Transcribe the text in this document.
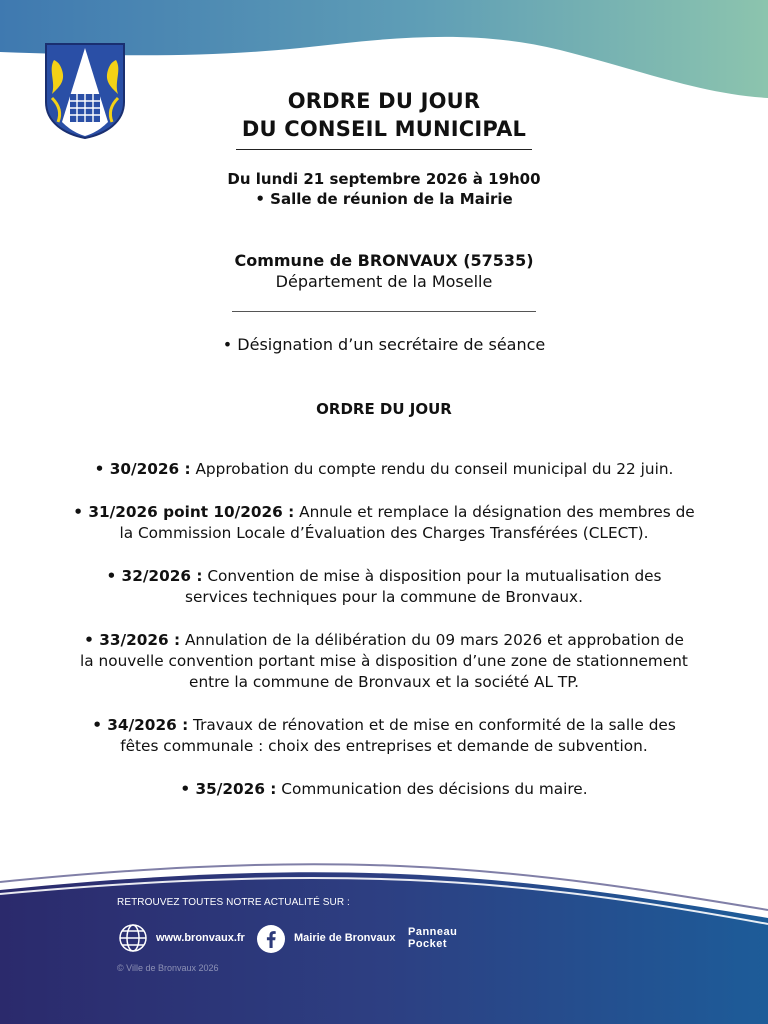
ORDRE DU JOUR
DU CONSEIL MUNICIPAL
Du lundi 21 septembre 2026 à 19h00
• Salle de réunion de la Mairie
Commune de BRONVAUX (57535)
Département de la Moselle
• Désignation d’un secrétaire de séance
ORDRE DU JOUR
• 30/2026 : Approbation du compte rendu du conseil municipal du 22 juin.
• 31/2026 point 10/2026 : Annule et remplace la désignation des membres de
la Commission Locale d’Évaluation des Charges Transférées (CLECT).
• 32/2026 : Convention de mise à disposition pour la mutualisation des
services techniques pour la commune de Bronvaux.
• 33/2026 : Annulation de la délibération du 09 mars 2026 et approbation de
la nouvelle convention portant mise à disposition d’une zone de stationnement
entre la commune de Bronvaux et la société AL TP.
• 34/2026 : Travaux de rénovation et de mise en conformité de la salle des
fêtes communale : choix des entreprises et demande de subvention.
• 35/2026 : Communication des décisions du maire.
RETROUVEZ TOUTES NOTRE ACTUALITÉ SUR :
www.bronvaux.fr	Mairie de Bronvaux Panneau
Pocket
© Ville de Bronvaux 2026
